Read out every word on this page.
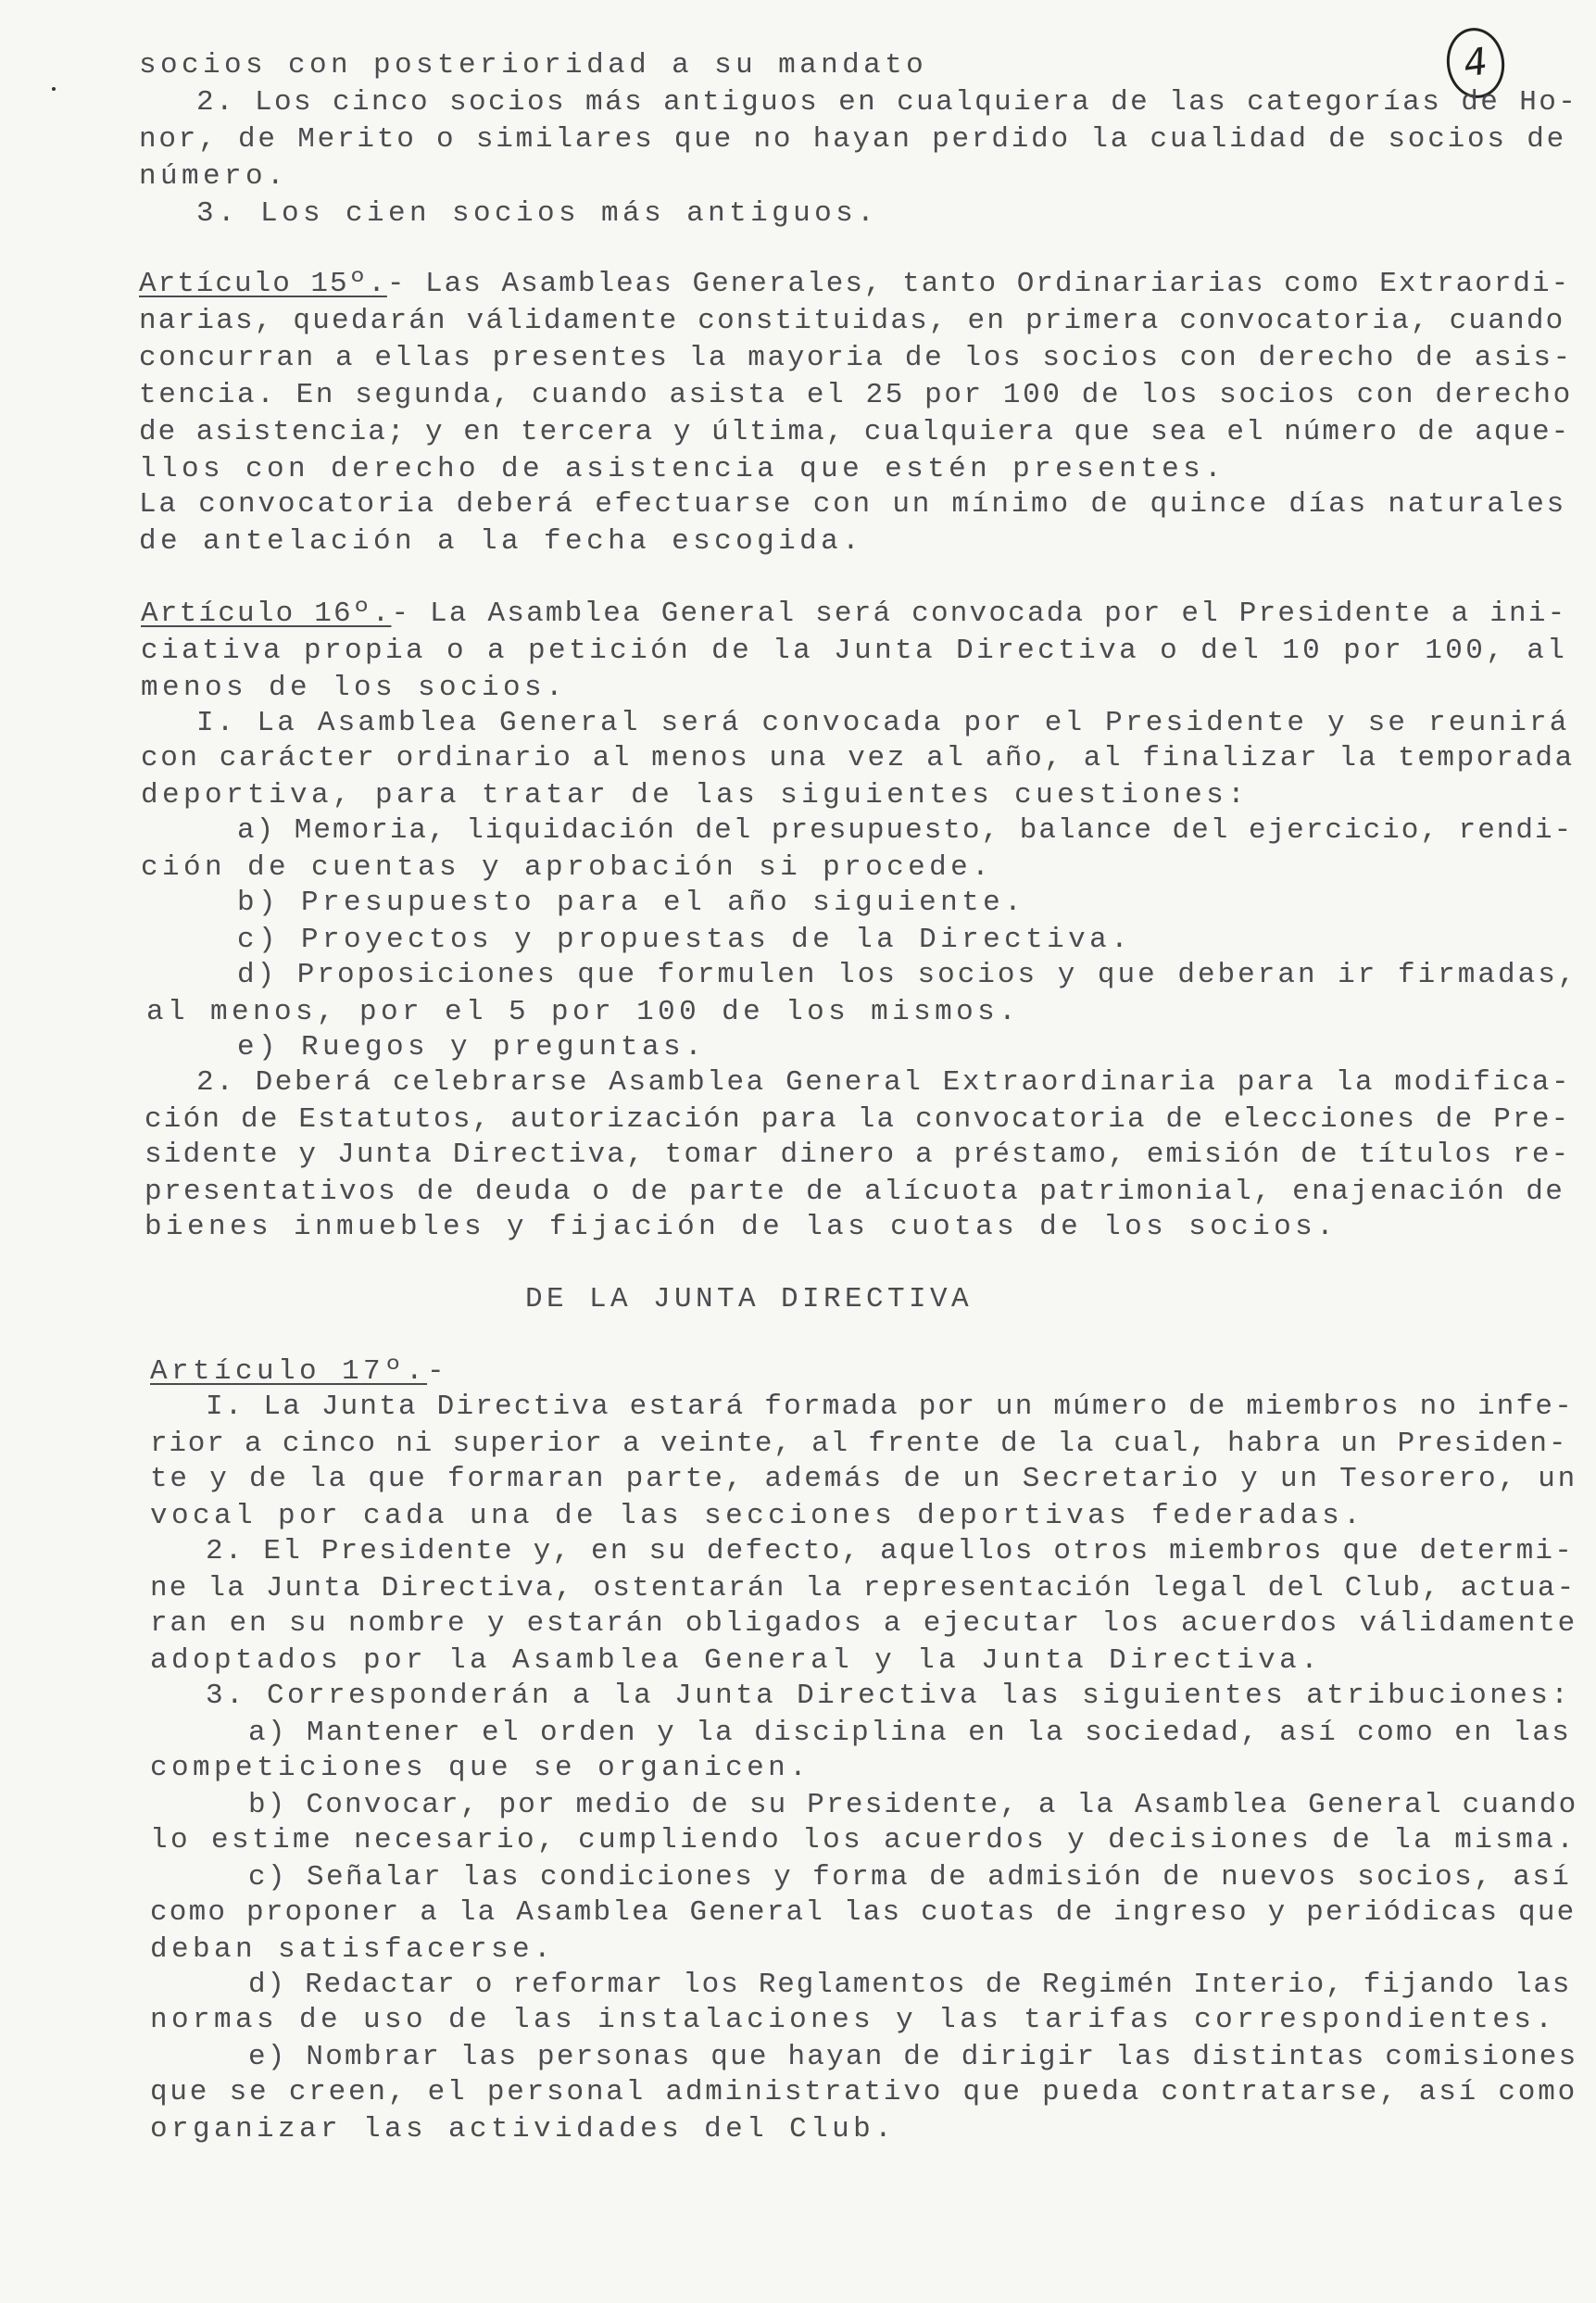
4
socios con posterioridad a su mandato
2. Los cinco socios más antiguos en cualquiera de las categorías de Ho-
nor, de Merito o similares que no hayan perdido la cualidad de socios de
número.
3. Los cien socios más antiguos.
Artículo 15º.- Las Asambleas Generales, tanto Ordinariarias como Extraordi-
narias, quedarán válidamente constituidas, en primera convocatoria, cuando
concurran a ellas presentes la mayoria de los socios con derecho de asis-
tencia. En segunda, cuando asista el 25 por 100 de los socios con derecho
de asistencia; y en tercera y última, cualquiera que sea el número de aque-
llos con derecho de asistencia que estén presentes.
La convocatoria deberá efectuarse con un mínimo de quince días naturales
de antelación a la fecha escogida.
Artículo 16º.- La Asamblea General será convocada por el Presidente a ini-
ciativa propia o a petición de la Junta Directiva o del 10 por 100, al
menos de los socios.
I. La Asamblea General será convocada por el Presidente y se reunirá
con carácter ordinario al menos una vez al año, al finalizar la temporada
deportiva, para tratar de las siguientes cuestiones:
a) Memoria, liquidación del presupuesto, balance del ejercicio, rendi-
ción de cuentas y aprobación si procede.
b) Presupuesto para el año siguiente.
c) Proyectos y propuestas de la Directiva.
d) Proposiciones que formulen los socios y que deberan ir firmadas,
al menos, por el 5 por 100 de los mismos.
e) Ruegos y preguntas.
2. Deberá celebrarse Asamblea General Extraordinaria para la modifica-
ción de Estatutos, autorización para la convocatoria de elecciones de Pre-
sidente y Junta Directiva, tomar dinero a préstamo, emisión de títulos re-
presentativos de deuda o de parte de alícuota patrimonial, enajenación de
bienes inmuebles y fijación de las cuotas de los socios.
DE LA JUNTA DIRECTIVA
Artículo 17º.-
I. La Junta Directiva estará formada por un múmero de miembros no infe-
rior a cinco ni superior a veinte, al frente de la cual, habra un Presiden-
te y de la que formaran parte, además de un Secretario y un Tesorero, un
vocal por cada una de las secciones deportivas federadas.
2. El Presidente y, en su defecto, aquellos otros miembros que determi-
ne la Junta Directiva, ostentarán la representación legal del Club, actua-
ran en su nombre y estarán obligados a ejecutar los acuerdos válidamente
adoptados por la Asamblea General y la Junta Directiva.
3. Corresponderán a la Junta Directiva las siguientes atribuciones:
a) Mantener el orden y la disciplina en la sociedad, así como en las
competiciones que se organicen.
b) Convocar, por medio de su Presidente, a la Asamblea General cuando
lo estime necesario, cumpliendo los acuerdos y decisiones de la misma.
c) Señalar las condiciones y forma de admisión de nuevos socios, así
como proponer a la Asamblea General las cuotas de ingreso y periódicas que
deban satisfacerse.
d) Redactar o reformar los Reglamentos de Regimén Interio, fijando las
normas de uso de las instalaciones y las tarifas correspondientes.
e) Nombrar las personas que hayan de dirigir las distintas comisiones
que se creen, el personal administrativo que pueda contratarse, así como
organizar las actividades del Club.
